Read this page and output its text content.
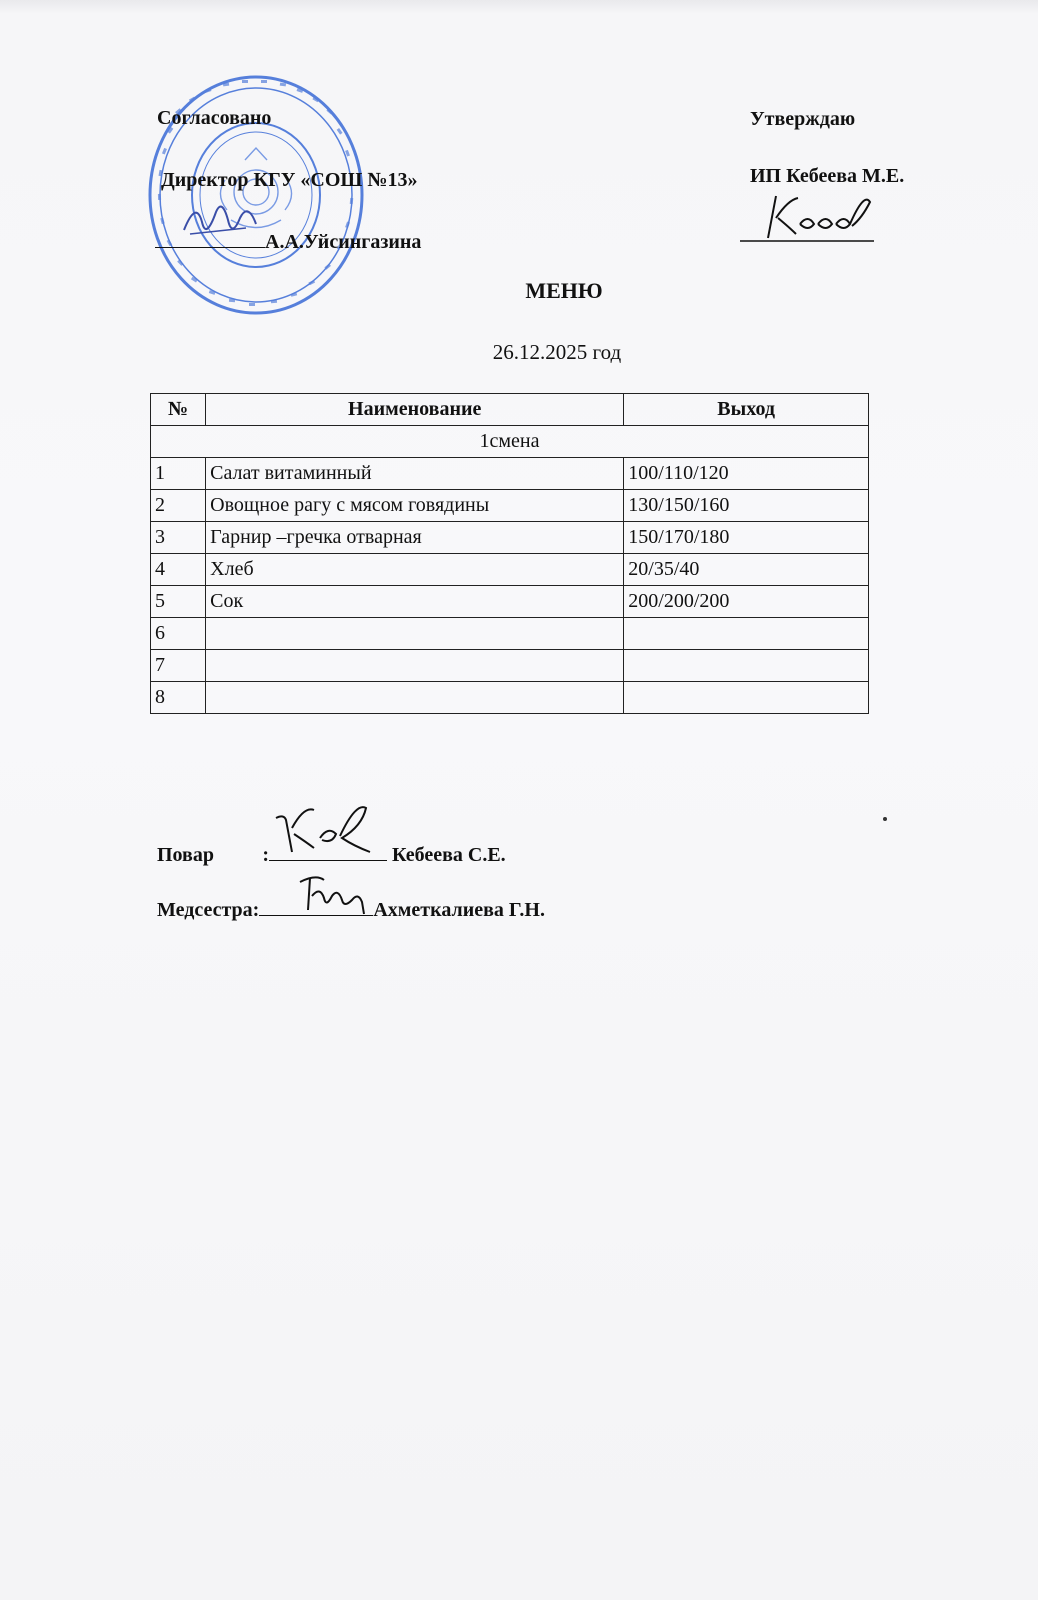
Согласовано
Директор КГУ «СОШ №13»
А.А.Уйсингазина
Утверждаю
ИП Кебеева М.Е.
МЕНЮ
26.12.2025 год
№	Наименование	Выход
1смена		
1	Салат витаминный	100/110/120
2	Овощное рагу с мясом говядины	130/150/160
3	Гарнир –гречка отварная	150/170/180
4	Хлеб	20/35/40
5	Сок	200/200/200
6		
7		
8		
Повар :	Кебеева С.Е.
Медсестра:	Ахметкалиева Г.Н.
